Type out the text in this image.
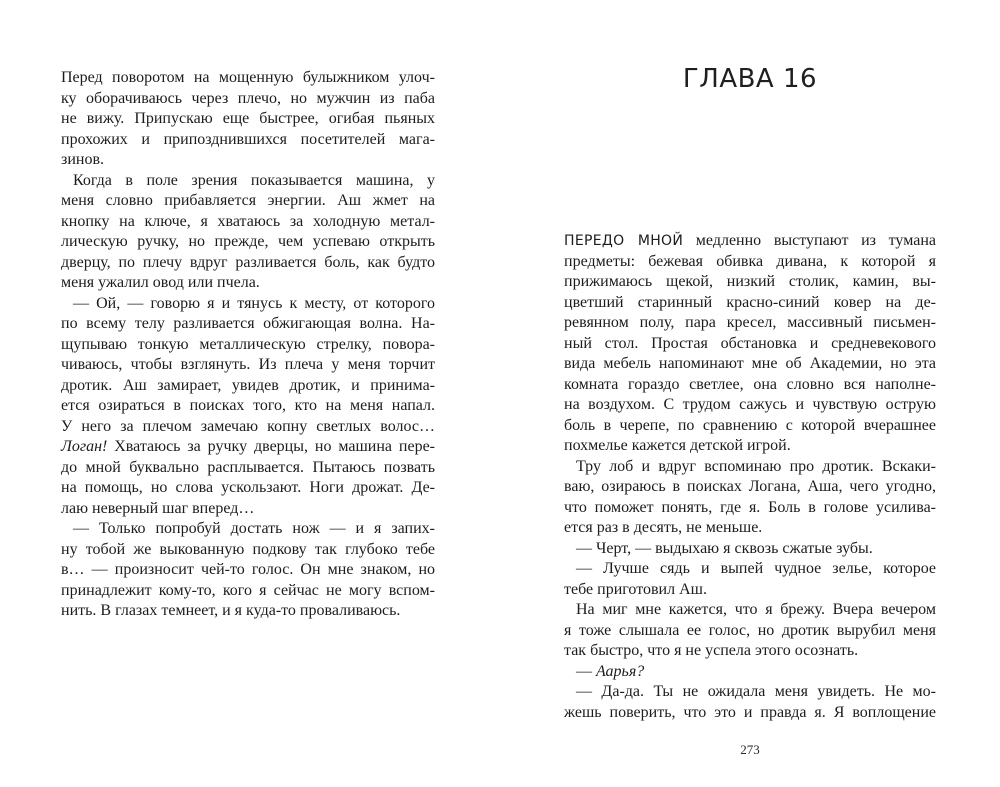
Перед поворотом на мощенную булыжником улоч-
ку оборачиваюсь через плечо, но мужчин из паба
не вижу. Припускаю еще быстрее, огибая пьяных
прохожих и припозднившихся посетителей магa-
зинов.

Когда в поле зрения показывается машина, у
меня словно прибавляется энергии. Аш жмет на
кнопку на ключе, я хватаюсь за холодную метал-
лическую ручку, но прежде, чем успеваю открыть
дверцу, по плечу вдруг разливается боль, как будто
меня ужалил овод или пчела.

— Ой, — говорю я и тянусь к месту, от которого
по всему телу разливается обжигающая волна. На-
щупываю тонкую металлическую стрелку, повора-
чиваюсь, чтобы взглянуть. Из плеча у меня торчит
дротик. Аш замирает, увидев дротик, и принима-
ется озираться в поисках того, кто на меня напал.
У него за плечом замечаю копну светлых волос…
Логан! Хватаюсь за ручку дверцы, но машина пере-
до мной буквально расплывается. Пытаюсь позвать
на помощь, но слова ускользают. Ноги дрожат. Де-
лаю неверный шаг вперед…

— Только попробуй достать нож — и я запих-
ну тобой же выкованную подкову так глубоко тебе
в… — произносит чей-то голос. Он мне знаком, но
принадлежит кому-то, кого я сейчас не могу вспом-
нить. В глазах темнеет, и я куда-то проваливаюсь.

ГЛАВА 16

ПЕРЕДО МНОЙ медленно выступают из тумана
предметы: бежевая обивка дивана, к которой я
прижимаюсь щекой, низкий столик, камин, вы-
цветший старинный красно-синий ковер на де-
ревянном полу, пара кресел, массивный письмен-
ный стол. Простая обстановка и средневекового
вида мебель напоминают мне об Академии, но эта
комната гораздо светлее, она словно вся наполне-
на воздухом. С трудом сажусь и чувствую острую
боль в черепе, по сравнению с которой вчерашнее
похмелье кажется детской игрой.

Тру лоб и вдруг вспоминаю про дротик. Вскаки-
ваю, озираюсь в поисках Логана, Аша, чего угодно,
что поможет понять, где я. Боль в голове усилива-
ется раз в десять, не меньше.

— Черт, — выдыхаю я сквозь сжатые зубы.

— Лучше сядь и выпей чудное зелье, которое
тебе приготовил Аш.

На миг мне кажется, что я брежу. Вчера вечером
я тоже слышала ее голос, но дротик вырубил меня
так быстро, что я не успела этого осознать.

— Аарья?

— Да-да. Ты не ожидала меня увидеть. Не мо-
жешь поверить, что это и правда я. Я воплощение

273
